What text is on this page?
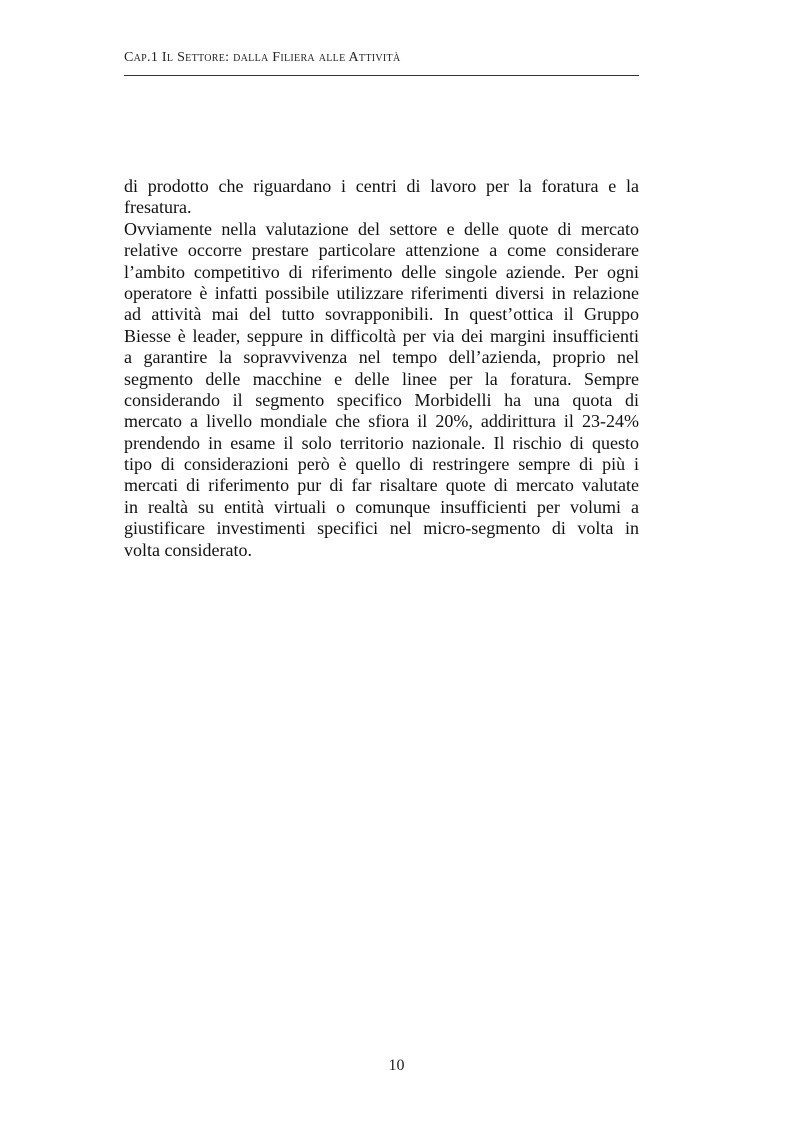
Cap.1 Il Settore: dalla Filiera alle Attività
di prodotto che riguardano i centri di lavoro per la foratura e la
fresatura.
Ovviamente nella valutazione del settore e delle quote di mercato
relative occorre prestare particolare attenzione a come considerare
l’ambito competitivo di riferimento delle singole aziende. Per ogni
operatore è infatti possibile utilizzare riferimenti diversi in relazione
ad attività mai del tutto sovrapponibili. In quest’ottica il Gruppo
Biesse è leader, seppure in difficoltà per via dei margini insufficienti
a garantire la sopravvivenza nel tempo dell’azienda, proprio nel
segmento delle macchine e delle linee per la foratura. Sempre
considerando il segmento specifico Morbidelli ha una quota di
mercato a livello mondiale che sfiora il 20%, addirittura il 23-24%
prendendo in esame il solo territorio nazionale. Il rischio di questo
tipo di considerazioni però è quello di restringere sempre di più i
mercati di riferimento pur di far risaltare quote di mercato valutate
in realtà su entità virtuali o comunque insufficienti per volumi a
giustificare investimenti specifici nel micro-segmento di volta in
volta considerato.
10
